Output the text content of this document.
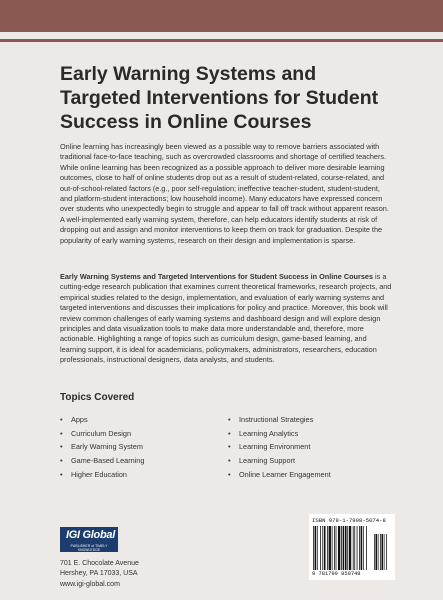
Early Warning Systems and Targeted Interventions for Student Success in Online Courses

Online learning has increasingly been viewed as a possible way to remove barriers associated with traditional face-to-face teaching, such as overcrowded classrooms and shortage of certified teachers. While online learning has been recognized as a possible approach to deliver more desirable learning outcomes, close to half of online students drop out as a result of student-related, course-related, and out-of-school-related factors (e.g., poor self-regulation; ineffective teacher-student, student-student, and platform-student interactions; low household income). Many educators have expressed concern over students who unexpectedly begin to struggle and appear to fall off track without apparent reason. A well-implemented early warning system, therefore, can help educators identify students at risk of dropping out and assign and monitor interventions to keep them on track for graduation. Despite the popularity of early warning systems, research on their design and implementation is sparse.

Early Warning Systems and Targeted Interventions for Student Success in Online Courses is a cutting-edge research publication that examines current theoretical frameworks, research projects, and empirical studies related to the design, implementation, and evaluation of early warning systems and targeted interventions and discusses their implications for policy and practice. Moreover, this book will review common challenges of early warning systems and dashboard design and will explore design principles and data visualization tools to make data more understandable and, therefore, more actionable. Highlighting a range of topics such as curriculum design, game-based learning, and learning support, it is ideal for academicians, policymakers, administrators, researchers, education professionals, instructional designers, data analysts, and students.

Topics Covered
• Apps
• Curriculum Design
• Early Warning System
• Game-Based Learning
• Higher Education
• Instructional Strategies
• Learning Analytics
• Learning Environment
• Learning Support
• Online Learner Engagement
IGI Global
PUBLISHER of TIMELY KNOWLEDGE

701 E. Chocolate Avenue
Hershey, PA 17033, USA
www.igi-global.com

ISBN 978-1-7998-5074-8
9 781799 850748
